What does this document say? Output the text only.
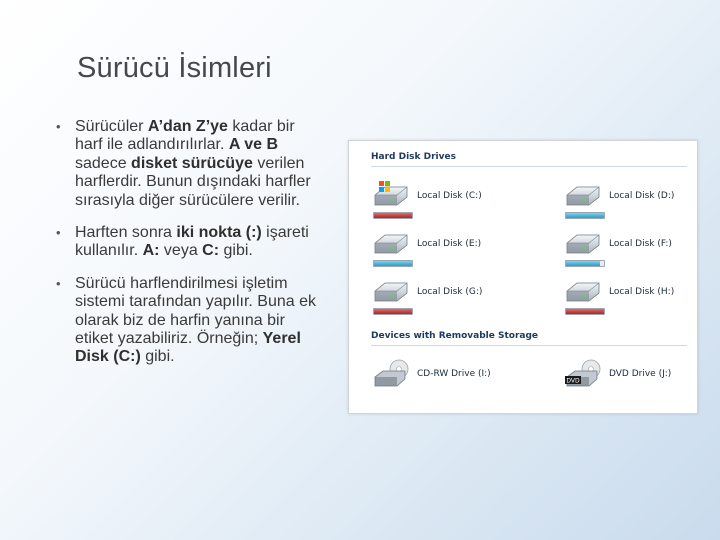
Sürücü İsimleri
• Sürücüler A’dan Z’ye kadar bir harf ile adlandırılırlar. A ve B sadece disket sürücüye verilen harflerdir. Bunun dışındaki harfler sırasıyla diğer sürücülere verilir.
• Harften sonra iki nokta (:) işareti kullanılır. A: veya C: gibi.
• Sürücü harflendirilmesi işletim sistemi tarafından yapılır. Buna ek olarak biz de harfin yanına bir etiket yazabiliriz. Örneğin; Yerel Disk (C:) gibi.
Hard Disk Drives
Local Disk (C:)	Local Disk (D:)
Local Disk (E:)	Local Disk (F:)
Local Disk (G:)	Local Disk (H:)
Devices with Removable Storage
CD-RW Drive (I:)
DVD
DVD Drive (J:)
